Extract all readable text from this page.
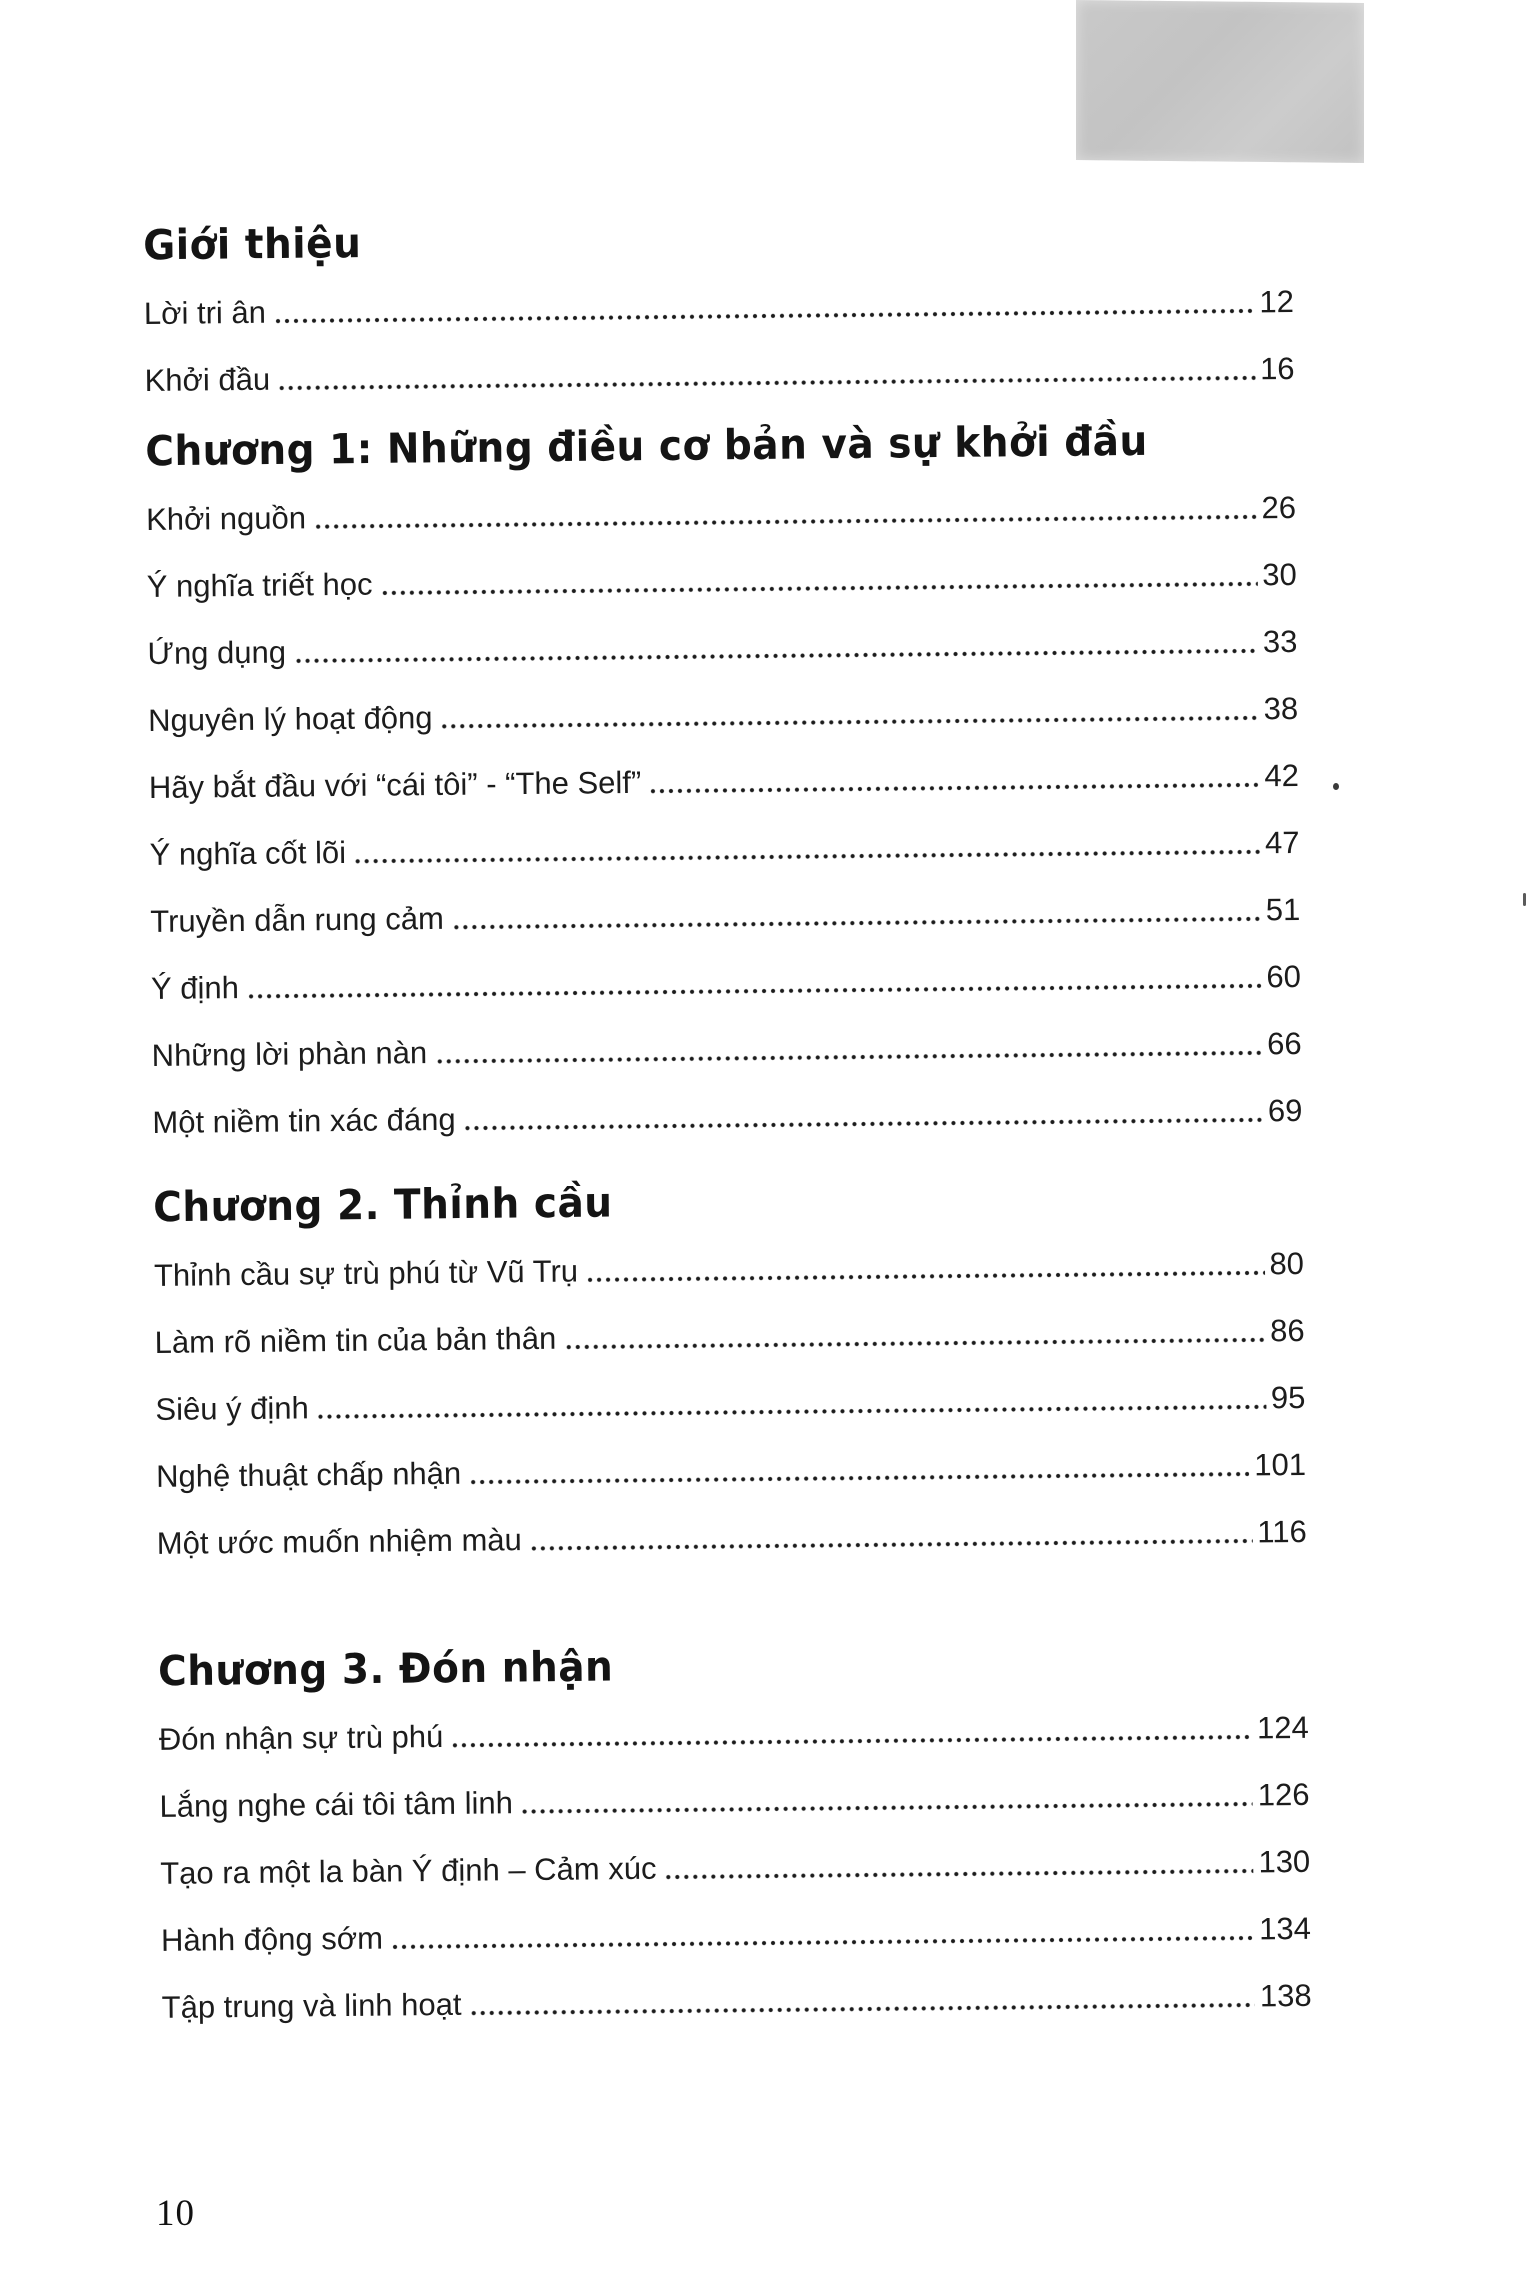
Giới thiệu
Lời tri ân	12
Khởi đầu	16
Chương 1: Những điều cơ bản và sự khởi đầu
Khởi nguồn	26
Ý nghĩa triết học	30
Ứng dụng	33
Nguyên lý hoạt động	38
Hãy bắt đầu với “cái tôi” - “The Self”	42
Ý nghĩa cốt lõi	47
Truyền dẫn rung cảm	51
Ý định	60
Những lời phàn nàn	66
Một niềm tin xác đáng	69
Chương 2. Thỉnh cầu
Thỉnh cầu sự trù phú từ Vũ Trụ	80
Làm rõ niềm tin của bản thân	86
Siêu ý định	95
Nghệ thuật chấp nhận	101
Một ước muốn nhiệm màu	116
Chương 3. Đón nhận
Đón nhận sự trù phú	124
Lắng nghe cái tôi tâm linh	126
Tạo ra một la bàn Ý định – Cảm xúc	130
Hành động sớm	134
Tập trung và linh hoạt	138
10
